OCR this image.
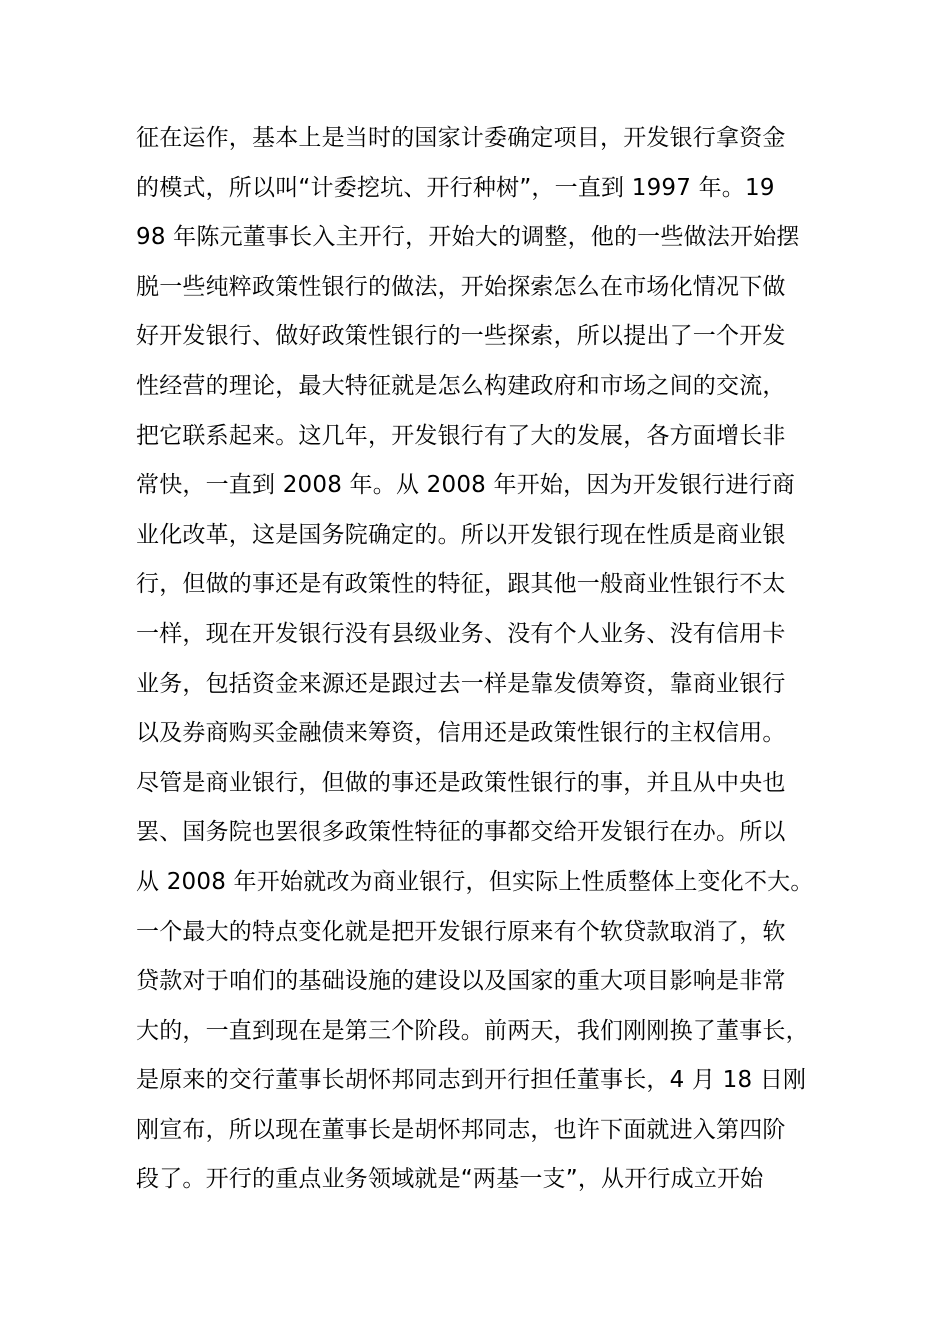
征在运作，基本上是当时的国家计委确定项目，开发银行拿资金
的模式，所以叫“计委挖坑、开行种树”，一直到 1997 年。19
98 年陈元董事长入主开行，开始大的调整，他的一些做法开始摆
脱一些纯粹政策性银行的做法，开始探索怎么在市场化情况下做
好开发银行、做好政策性银行的一些探索，所以提出了一个开发
性经营的理论，最大特征就是怎么构建政府和市场之间的交流，
把它联系起来。这几年，开发银行有了大的发展，各方面增长非
常快，一直到 2008 年。从 2008 年开始，因为开发银行进行商
业化改革，这是国务院确定的。所以开发银行现在性质是商业银
行，但做的事还是有政策性的特征，跟其他一般商业性银行不太
一样，现在开发银行没有县级业务、没有个人业务、没有信用卡
业务，包括资金来源还是跟过去一样是靠发债筹资，靠商业银行
以及券商购买金融债来筹资，信用还是政策性银行的主权信用。
尽管是商业银行，但做的事还是政策性银行的事，并且从中央也
罢、国务院也罢很多政策性特征的事都交给开发银行在办。所以
从 2008 年开始就改为商业银行，但实际上性质整体上变化不大。
一个最大的特点变化就是把开发银行原来有个软贷款取消了，软
贷款对于咱们的基础设施的建设以及国家的重大项目影响是非常
大的，一直到现在是第三个阶段。前两天，我们刚刚换了董事长，
是原来的交行董事长胡怀邦同志到开行担任董事长，4 月 18 日刚
刚宣布，所以现在董事长是胡怀邦同志，也许下面就进入第四阶
段了。开行的重点业务领域就是“两基一支”，从开行成立开始
